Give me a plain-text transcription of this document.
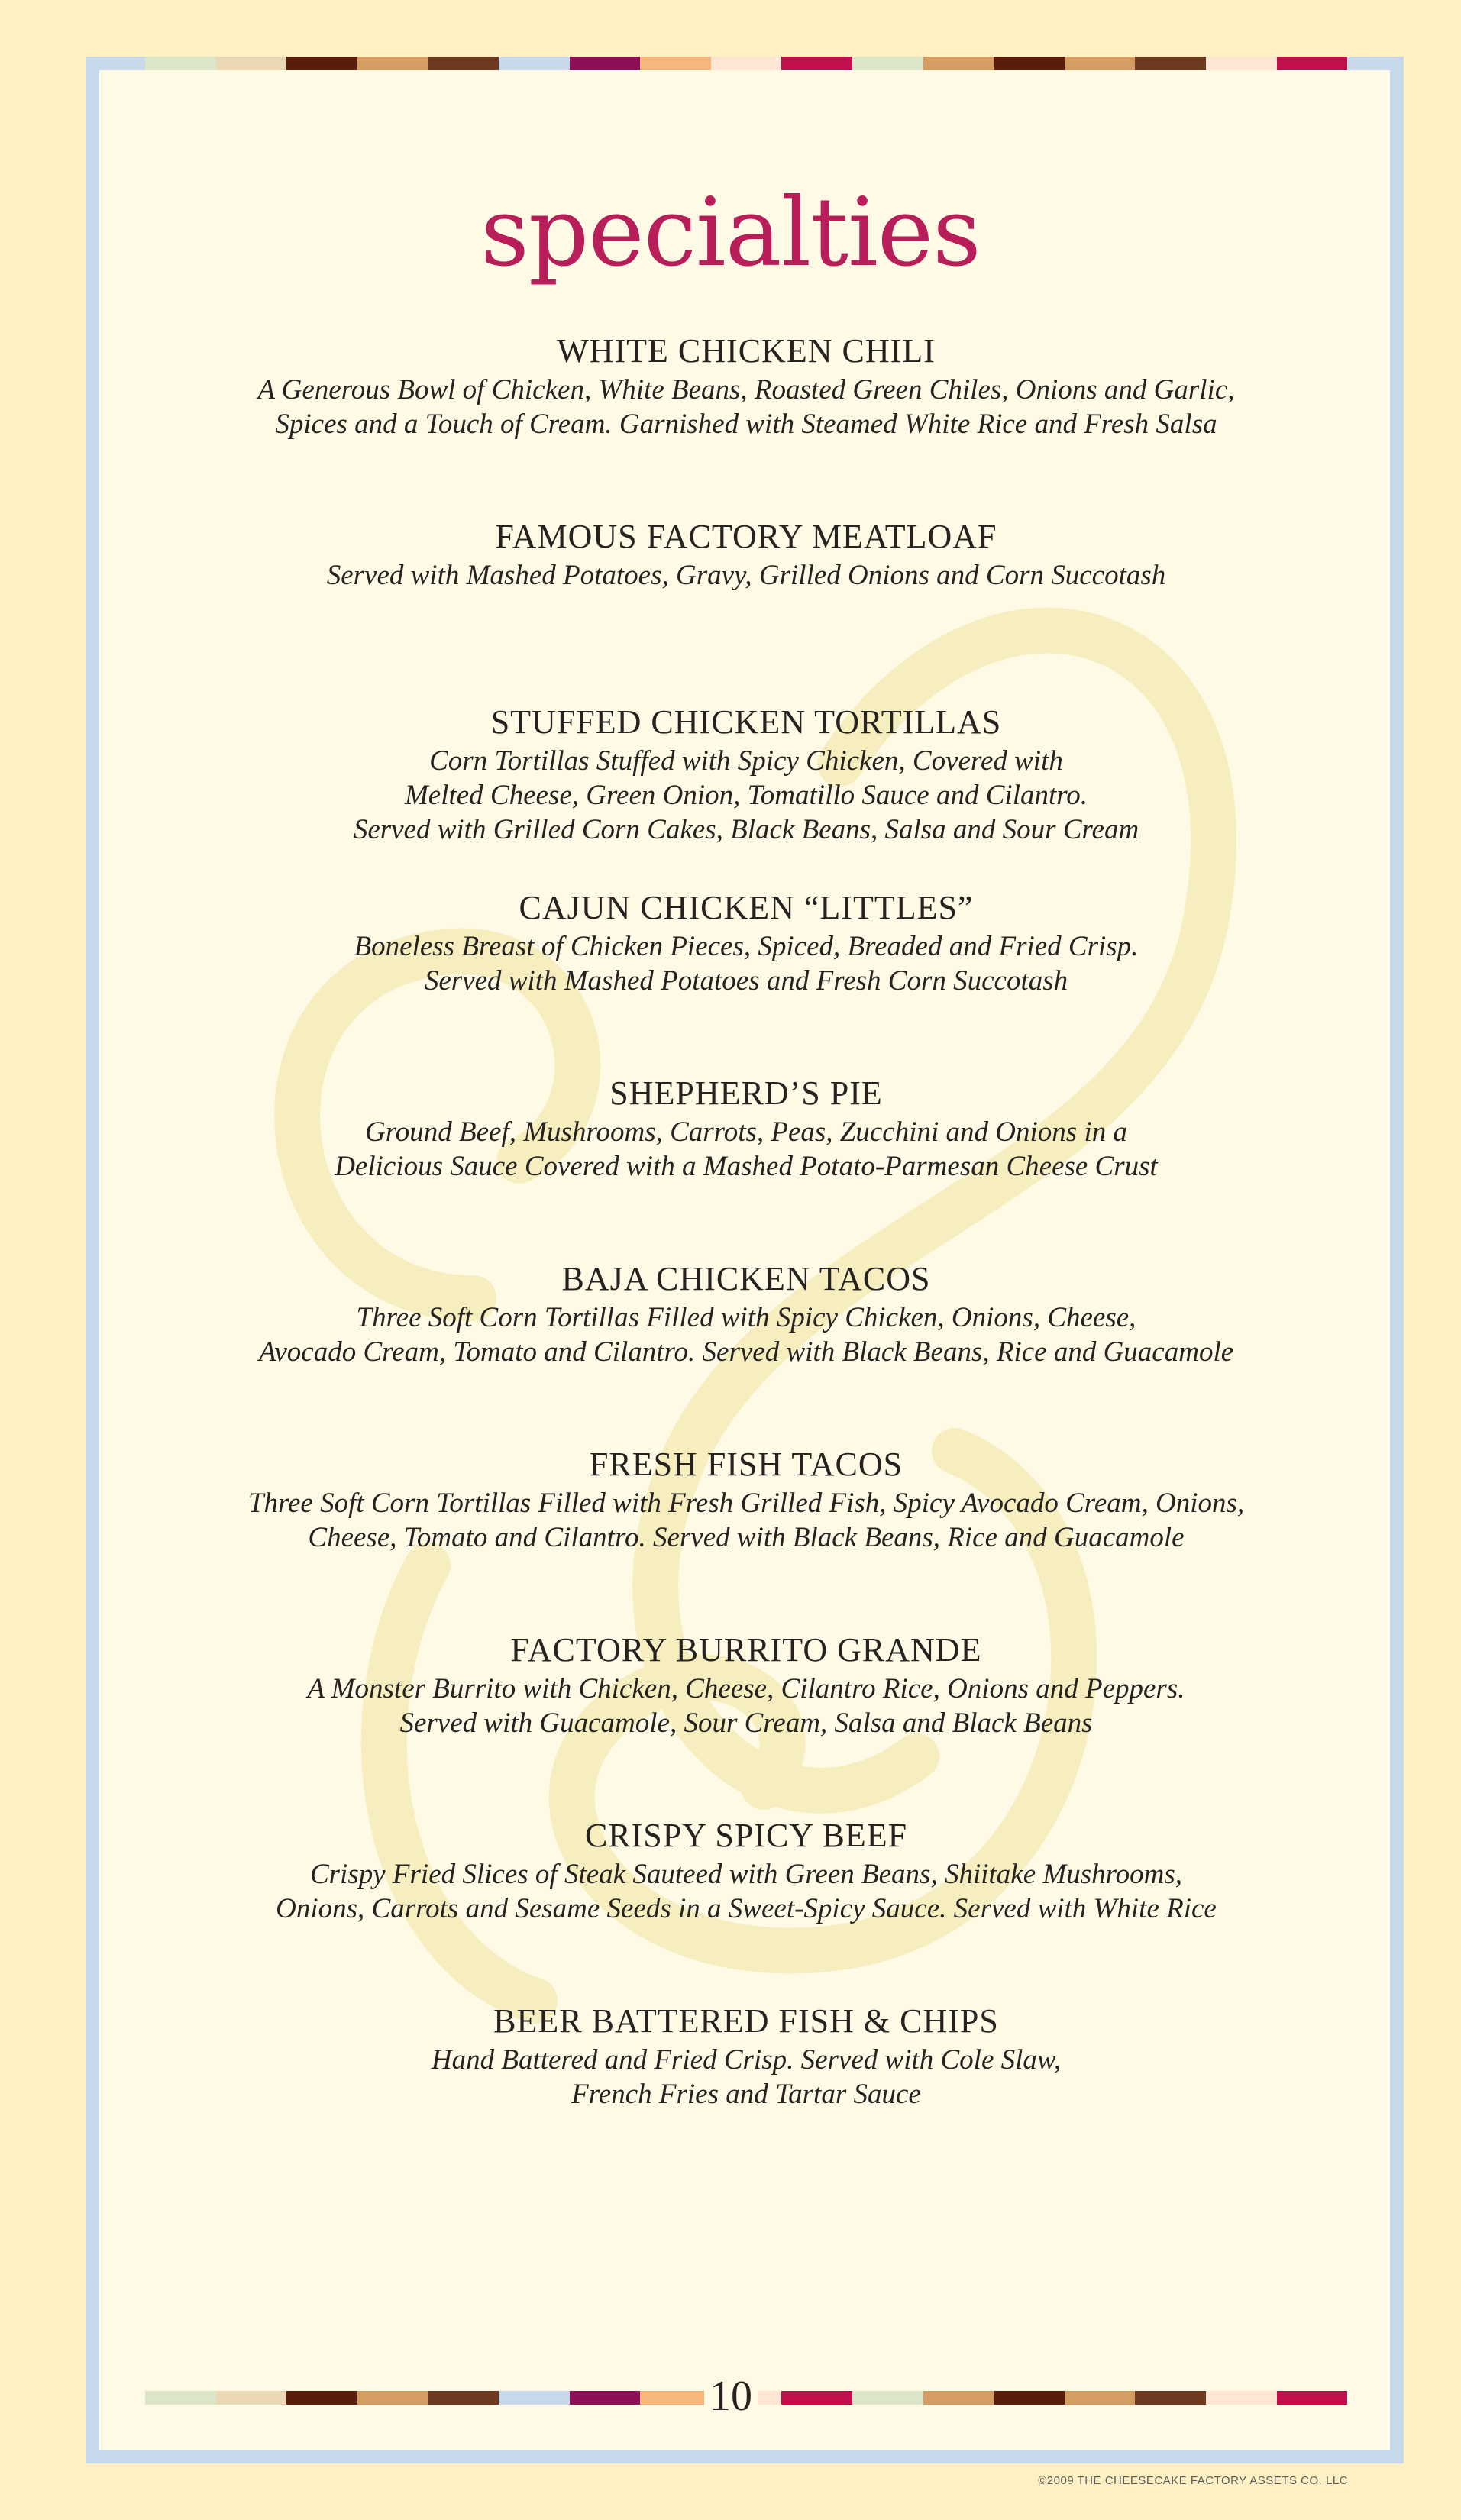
specialties
WHITE CHICKEN CHILI

A Generous Bowl of Chicken, White Beans, Roasted Green Chiles, Onions and Garlic,
Spices and a Touch of Cream. Garnished with Steamed White Rice and Fresh Salsa

FAMOUS FACTORY MEATLOAF

Served with Mashed Potatoes, Gravy, Grilled Onions and Corn Succotash

STUFFED CHICKEN TORTILLAS

Corn Tortillas Stuffed with Spicy Chicken, Covered with
Melted Cheese, Green Onion, Tomatillo Sauce and Cilantro.
Served with Grilled Corn Cakes, Black Beans, Salsa and Sour Cream

CAJUN CHICKEN “LITTLES”

Boneless Breast of Chicken Pieces, Spiced, Breaded and Fried Crisp.
Served with Mashed Potatoes and Fresh Corn Succotash

SHEPHERD’S PIE

Ground Beef, Mushrooms, Carrots, Peas, Zucchini and Onions in a
Delicious Sauce Covered with a Mashed Potato-Parmesan Cheese Crust

BAJA CHICKEN TACOS

Three Soft Corn Tortillas Filled with Spicy Chicken, Onions, Cheese,
Avocado Cream, Tomato and Cilantro. Served with Black Beans, Rice and Guacamole

FRESH FISH TACOS

Three Soft Corn Tortillas Filled with Fresh Grilled Fish, Spicy Avocado Cream, Onions,
Cheese, Tomato and Cilantro. Served with Black Beans, Rice and Guacamole

FACTORY BURRITO GRANDE

A Monster Burrito with Chicken, Cheese, Cilantro Rice, Onions and Peppers.
Served with Guacamole, Sour Cream, Salsa and Black Beans

CRISPY SPICY BEEF

Crispy Fried Slices of Steak Sauteed with Green Beans, Shiitake Mushrooms,
Onions, Carrots and Sesame Seeds in a Sweet-Spicy Sauce. Served with White Rice

BEER BATTERED FISH & CHIPS

Hand Battered and Fried Crisp. Served with Cole Slaw,
French Fries and Tartar Sauce

10
©2009 THE CHEESECAKE FACTORY ASSETS CO. LLC
